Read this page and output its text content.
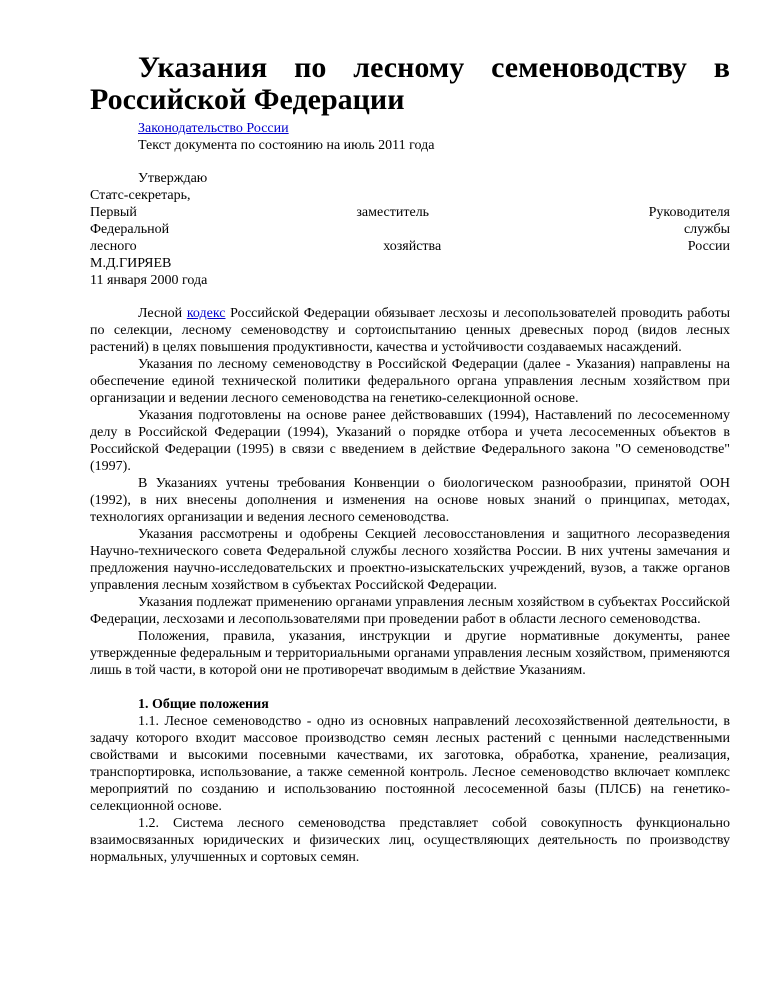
Указания по лесному семеноводству в Российской Федерации
Законодательство России
Текст документа по состоянию на июль 2011 года
Утверждаю
Статс-секретарь,
Первый	заместитель	Руководителя
Федеральной	службы
лесного	хозяйства	России
М.Д.ГИРЯЕВ
11 января 2000 года

Лесной кодекс Российской Федерации обязывает лесхозы и лесопользователей проводить работы по селекции, лесному семеноводству и сортоиспытанию ценных древесных пород (видов лесных растений) в целях повышения продуктивности, качества и устойчивости создаваемых насаждений.

Указания по лесному семеноводству в Российской Федерации (далее - Указания) направлены на обеспечение единой технической политики федерального органа управления лесным хозяйством при организации и ведении лесного семеноводства на генетико-селекционной основе.

Указания подготовлены на основе ранее действовавших (1994), Наставлений по лесосеменному делу в Российской Федерации (1994), Указаний о порядке отбора и учета лесосеменных объектов в Российской Федерации (1995) в связи с введением в действие Федерального закона "О семеноводстве" (1997).

В Указаниях учтены требования Конвенции о биологическом разнообразии, принятой ООН (1992), в них внесены дополнения и изменения на основе новых знаний о принципах, методах, технологиях организации и ведения лесного семеноводства.

Указания рассмотрены и одобрены Секцией лесовосстановления и защитного лесоразведения Научно-технического совета Федеральной службы лесного хозяйства России. В них учтены замечания и предложения научно-исследовательских и проектно-изыскательских учреждений, вузов, а также органов управления лесным хозяйством в субъектах Российской Федерации.

Указания подлежат применению органами управления лесным хозяйством в субъектах Российской Федерации, лесхозами и лесопользователями при проведении работ в области лесного семеноводства.

Положения, правила, указания, инструкции и другие нормативные документы, ранее утвержденные федеральным и территориальными органами управления лесным хозяйством, применяются лишь в той части, в которой они не противоречат вводимым в действие Указаниям.

1. Общие положения

1.1. Лесное семеноводство - одно из основных направлений лесохозяйственной деятельности, в задачу которого входит массовое производство семян лесных растений с ценными наследственными свойствами и высокими посевными качествами, их заготовка, обработка, хранение, реализация, транспортировка, использование, а также семенной контроль. Лесное семеноводство включает комплекс мероприятий по созданию и использованию постоянной лесосеменной базы (ПЛСБ) на генетико-селекционной основе.

1.2. Система лесного семеноводства представляет собой совокупность функционально взаимосвязанных юридических и физических лиц, осуществляющих деятельность по производству нормальных, улучшенных и сортовых семян.
